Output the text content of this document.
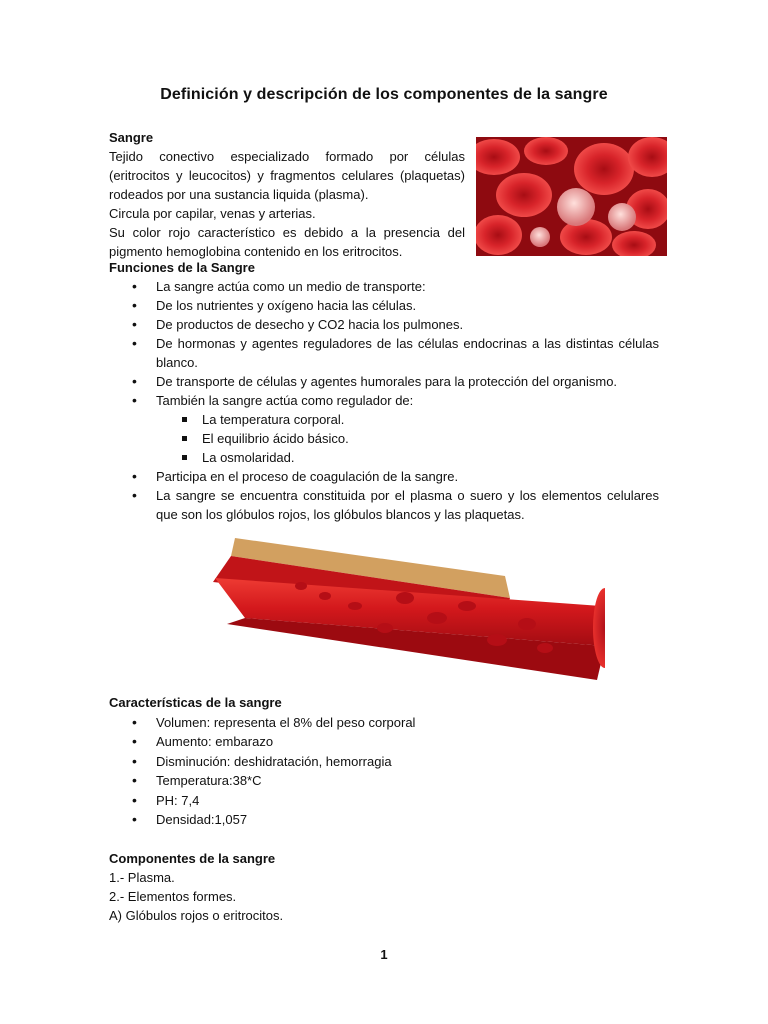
Definición y descripción de los componentes de la sangre

Sangre

Tejido conectivo especializado formado por células (eritrocitos y leucocitos) y fragmentos celulares (plaquetas) rodeados por una sustancia liquida (plasma).

Circula por capilar, venas y arterias.

Su color rojo característico es debido a la presencia del pigmento hemoglobina contenido en los eritrocitos.

Funciones de la Sangre

• La sangre actúa como un medio de transporte:
• De los nutrientes y oxígeno hacia las células.
• De productos de desecho y CO2 hacia los pulmones.
• De hormonas y agentes reguladores de las células endocrinas a las distintas células blanco.
• De transporte de células y agentes humorales para la protección del organismo.
• También la sangre actúa como regulador de:
La temperatura corporal.
El equilibrio ácido básico.
La osmolaridad.
• Participa en el proceso de coagulación de la sangre.
• La sangre se encuentra constituida por el plasma o suero y los elementos celulares que son los glóbulos rojos, los glóbulos blancos y las plaquetas.

Características de la sangre

• Volumen: representa el 8% del peso corporal
• Aumento: embarazo
• Disminución: deshidratación, hemorragia
• Temperatura:38*C
• PH: 7,4
• Densidad:1,057

Componentes de la sangre

1.- Plasma.

2.- Elementos formes.

A) Glóbulos rojos o eritrocitos.

1
